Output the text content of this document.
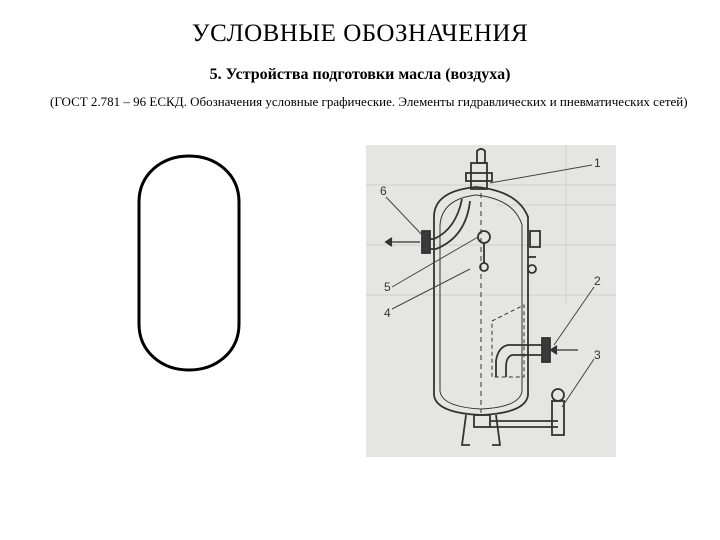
УСЛОВНЫЕ ОБОЗНАЧЕНИЯ
5. Устройства подготовки масла (воздуха)
(ГОСТ 2.781 – 96 ЕСКД. Обозначения условные графические. Элементы гидравлических и пневматических сетей)
1
2
3
4
5
6
